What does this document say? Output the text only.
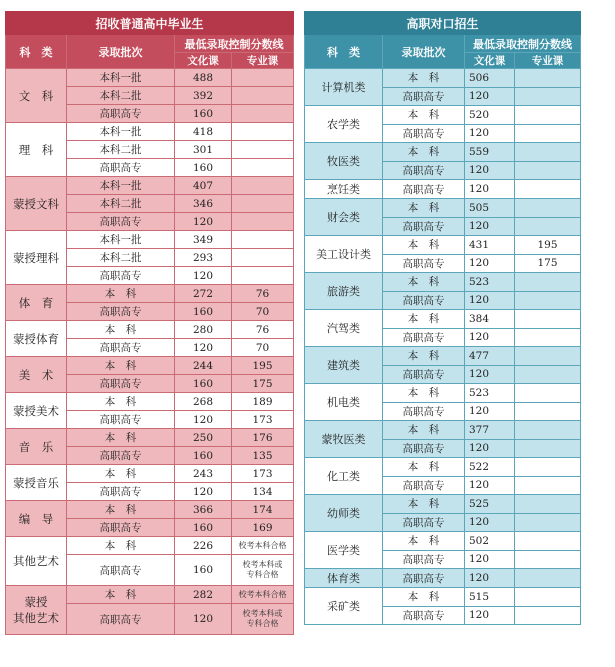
招收普通高中毕业生			
科　类	录取批次	最低录取控制分数线	
		文化课	专业课
文　科	本科一批	488	
	本科二批	392	
	高职高专	160	
理　科	本科一批	418	
	本科二批	301	
	高职高专	160	
蒙授文科	本科一批	407	
	本科二批	346	
	高职高专	120	
蒙授理科	本科一批	349	
	本科二批	293	
	高职高专	120	
体　育	本　科	272	76
	高职高专	160	70
蒙授体育	本　科	280	76
	高职高专	120	70
美　术	本　科	244	195
	高职高专	160	175
蒙授美术	本　科	268	189
	高职高专	120	173
音　乐	本　科	250	176
	高职高专	160	135
蒙授音乐	本　科	243	173
	高职高专	120	134
编　导	本　科	366	174
	高职高专	160	169
其他艺术	本　科	226	校考本科合格
	高职高专	160	校考本科或
专科合格

蒙授
其他艺术	本　科	282	校考本科合格
	高职高专	120	校考本科或
专科合格
高职对口招生			
科　类	录取批次	最低录取控制分数线	
		文化课	专业课
计算机类	本　科	506	
	高职高专	120	
农学类	本　科	520	
	高职高专	120	
牧医类	本　科	559	
	高职高专	120	
烹饪类	高职高专	120	
财会类	本　科	505	
	高职高专	120	
美工设计类	本　科	431	195
	高职高专	120	175
旅游类	本　科	523	
	高职高专	120	
汽驾类	本　科	384	
	高职高专	120	
建筑类	本　科	477	
	高职高专	120	
机电类	本　科	523	
	高职高专	120	
蒙牧医类	本　科	377	
	高职高专	120	
化工类	本　科	522	
	高职高专	120	
幼师类	本　科	525	
	高职高专	120	
医学类	本　科	502	
	高职高专	120	
体育类	高职高专	120	
采矿类	本　科	515	
	高职高专	120	
